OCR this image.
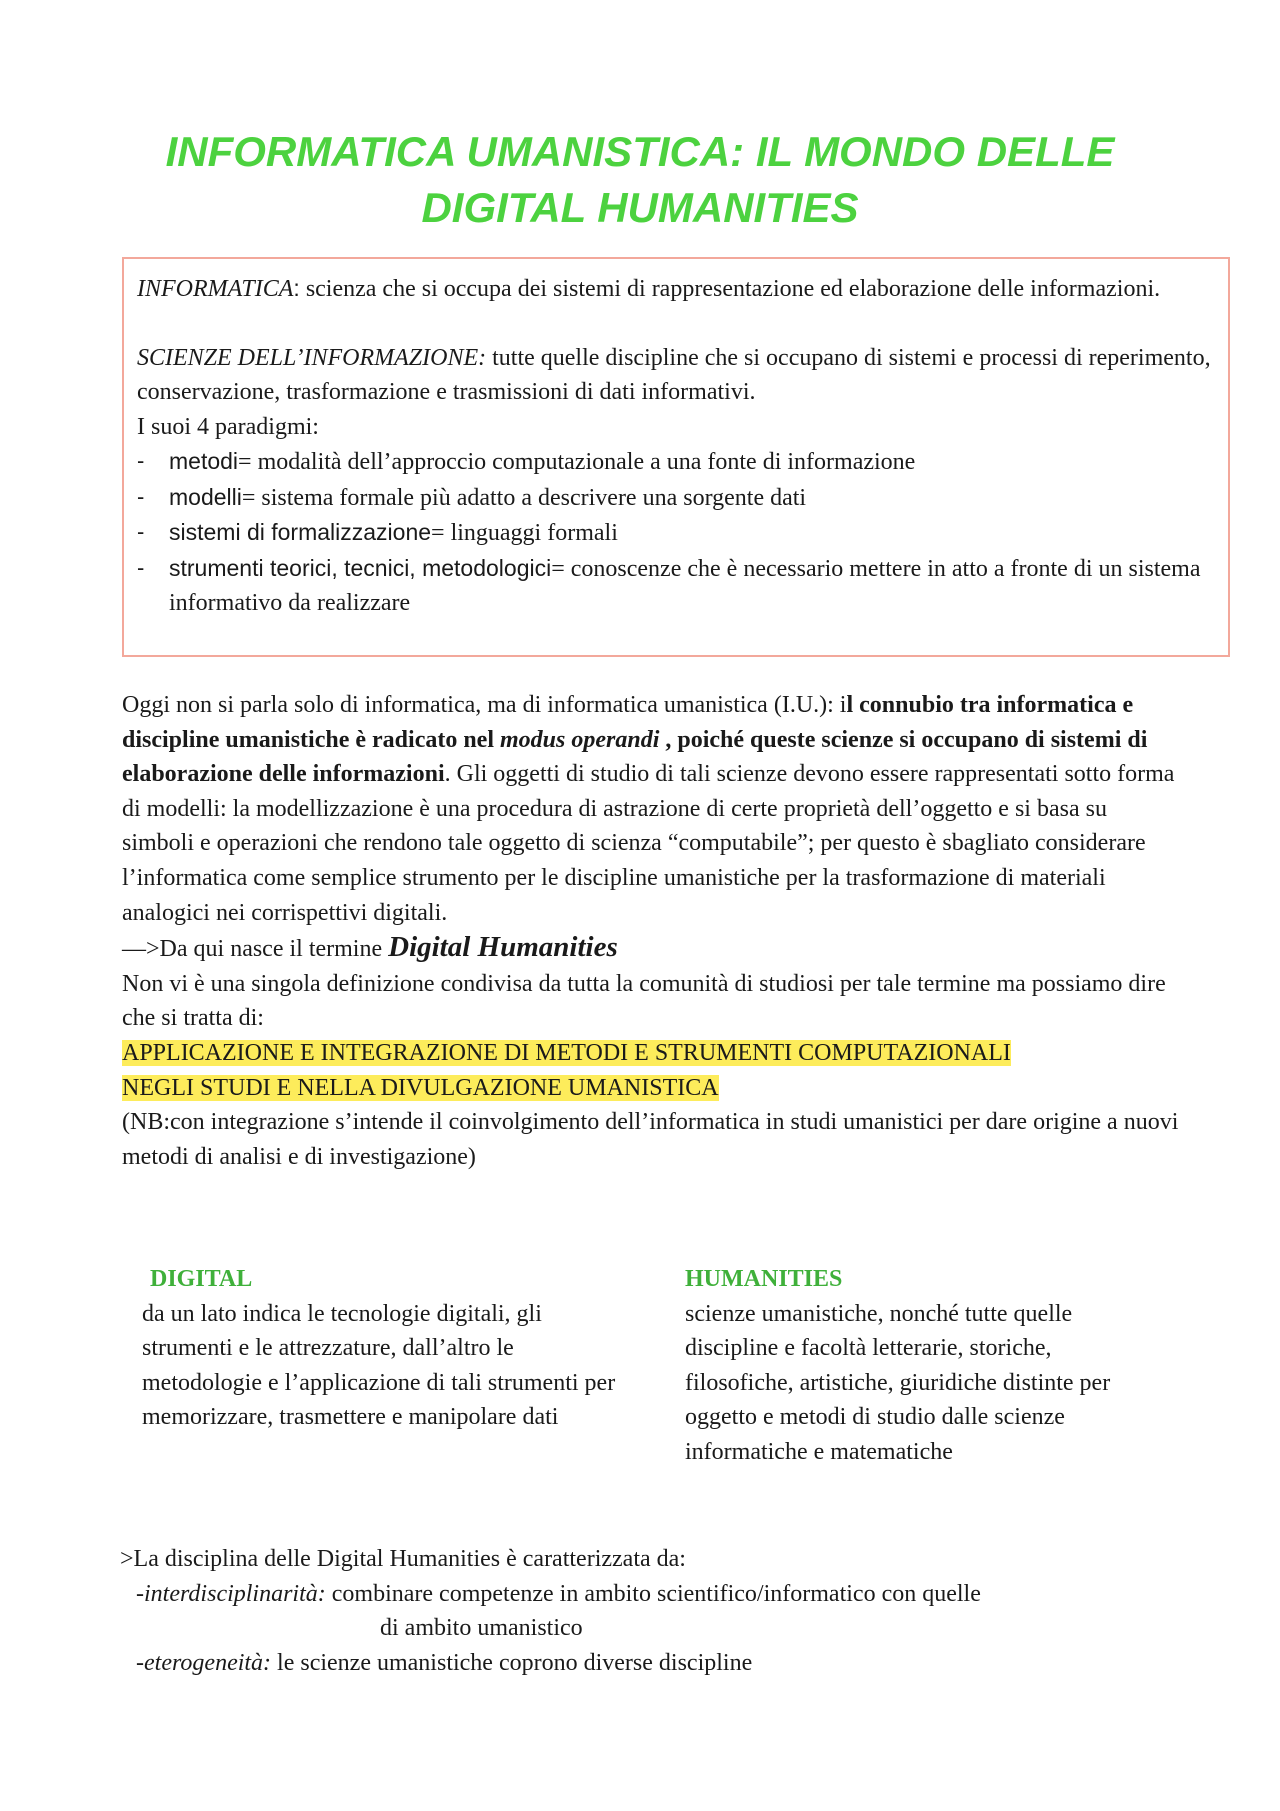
INFORMATICA UMANISTICA: IL MONDO DELLE
DIGITAL HUMANITIES

INFORMATICA: scienza che si occupa dei sistemi di rappresentazione ed elaborazione delle informazioni.

SCIENZE DELL’INFORMAZIONE: tutte quelle discipline che si occupano di sistemi e processi di reperimento, conservazione, trasformazione e trasmissioni di dati informativi.

I suoi 4 paradigmi:

- metodi= modalità dell’approccio computazionale a una fonte di informazione
- modelli= sistema formale più adatto a descrivere una sorgente dati
- sistemi di formalizzazione= linguaggi formali
- strumenti teorici, tecnici, metodologici= conoscenze che è necessario mettere in atto a fronte di un sistema informativo da realizzare

Oggi non si parla solo di informatica, ma di informatica umanistica (I.U.): il connubio tra informatica e discipline umanistiche è radicato nel modus operandi , poiché queste scienze si occupano di sistemi di elaborazione delle informazioni. Gli oggetti di studio di tali scienze devono essere rappresentati sotto forma di modelli: la modellizzazione è una procedura di astrazione di certe proprietà dell’oggetto e si basa su simboli e operazioni che rendono tale oggetto di scienza “computabile”; per questo è sbagliato considerare l’informatica come semplice strumento per le discipline umanistiche per la trasformazione di materiali analogici nei corrispettivi digitali.

—>Da qui nasce il termine Digital Humanities

Non vi è una singola definizione condivisa da tutta la comunità di studiosi per tale termine ma possiamo dire che si tratta di:

APPLICAZIONE E INTEGRAZIONE DI METODI E STRUMENTI COMPUTAZIONALI
NEGLI STUDI E NELLA DIVULGAZIONE UMANISTICA

(NB:con integrazione s’intende il coinvolgimento dell’informatica in studi umanistici per dare origine a nuovi metodi di analisi e di investigazione)

DIGITAL

da un lato indica le tecnologie digitali, gli strumenti e le attrezzature, dall’altro le metodologie e l’applicazione di tali strumenti per memorizzare, trasmettere e manipolare dati

HUMANITIES

scienze umanistiche, nonché tutte quelle discipline e facoltà letterarie, storiche, filosofiche, artistiche, giuridiche distinte per oggetto e metodi di studio dalle scienze informatiche e matematiche

>La disciplina delle Digital Humanities è caratterizzata da:

-interdisciplinarità: combinare competenze in ambito scientifico/informatico con quelle

di ambito umanistico

-eterogeneità: le scienze umanistiche coprono diverse discipline
